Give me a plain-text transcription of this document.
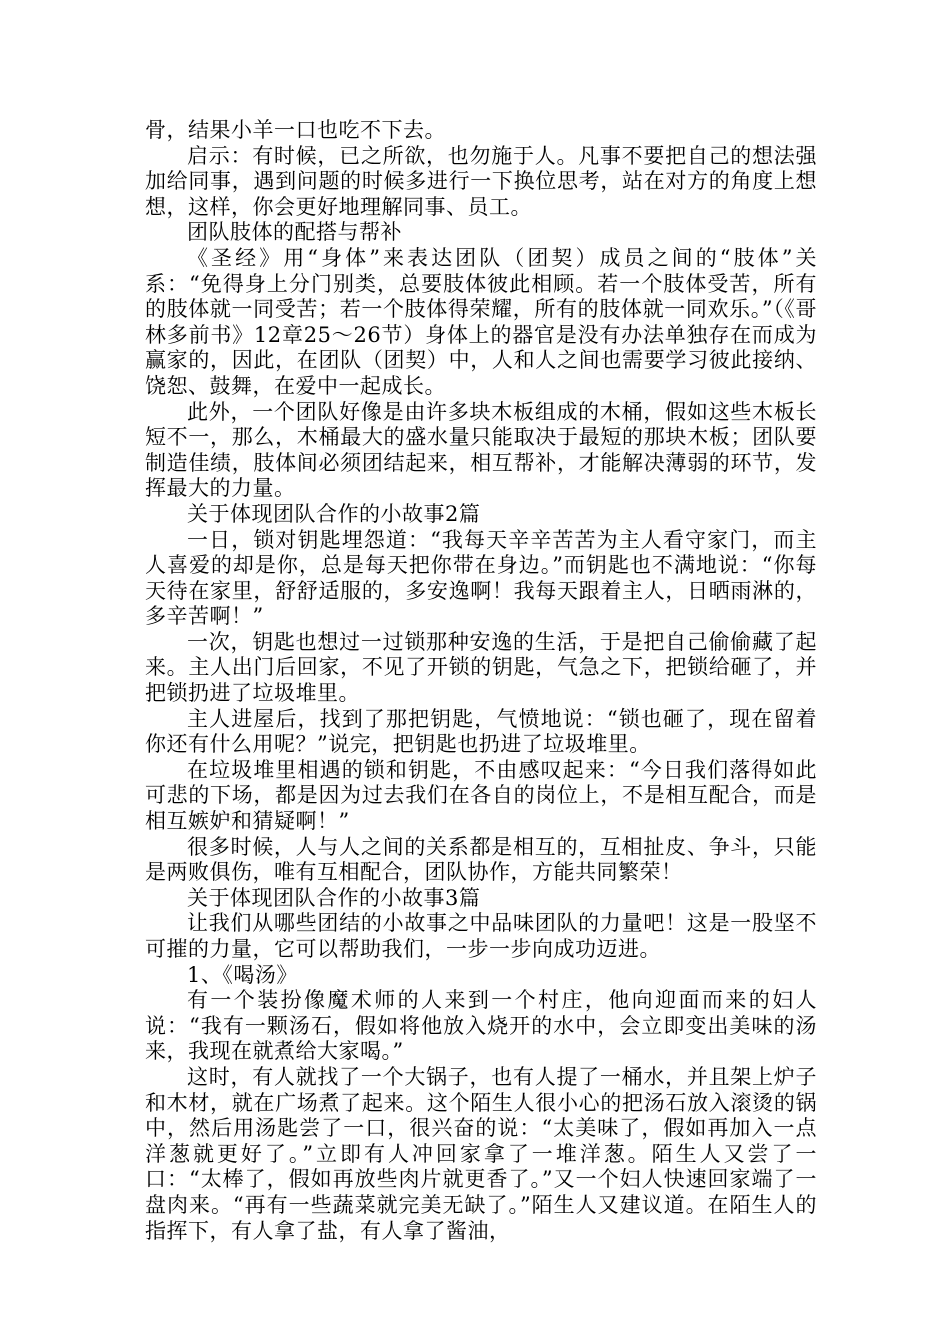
骨，结果小羊一口也吃不下去。

启示：有时候，已之所欲，也勿施于人。凡事不要把自己的想法强加给同事，遇到问题的时候多进行一下换位思考，站在对方的角度上想想，这样，你会更好地理解同事、员工。

团队肢体的配搭与帮补

《圣经》用“身体”来表达团队（团契）成员之间的“肢体”关系：“免得身上分门别类，总要肢体彼此相顾。若一个肢体受苦，所有的肢体就一同受苦；若一个肢体得荣耀，所有的肢体就一同欢乐。”（《哥林多前书》12章25～26节）身体上的器官是没有办法单独存在而成为赢家的，因此，在团队（团契）中，人和人之间也需要学习彼此接纳、饶恕、鼓舞，在爱中一起成长。

此外，一个团队好像是由许多块木板组成的木桶，假如这些木板长短不一，那么，木桶最大的盛水量只能取决于最短的那块木板；团队要制造佳绩，肢体间必须团结起来，相互帮补，才能解决薄弱的环节，发挥最大的力量。

关于体现团队合作的小故事2篇

一日，锁对钥匙埋怨道：“我每天辛辛苦苦为主人看守家门，而主人喜爱的却是你，总是每天把你带在身边。”而钥匙也不满地说：“你每天待在家里，舒舒适服的，多安逸啊！我每天跟着主人，日晒雨淋的，多辛苦啊！”

一次，钥匙也想过一过锁那种安逸的生活，于是把自己偷偷藏了起来。主人出门后回家，不见了开锁的钥匙，气急之下，把锁给砸了，并把锁扔进了垃圾堆里。

主人进屋后，找到了那把钥匙，气愤地说：“锁也砸了，现在留着你还有什么用呢？”说完，把钥匙也扔进了垃圾堆里。

在垃圾堆里相遇的锁和钥匙，不由感叹起来：“今日我们落得如此可悲的下场，都是因为过去我们在各自的岗位上，不是相互配合，而是相互嫉妒和猜疑啊！”

很多时候，人与人之间的关系都是相互的，互相扯皮、争斗，只能是两败俱伤，唯有互相配合，团队协作，方能共同繁荣！

关于体现团队合作的小故事3篇

让我们从哪些团结的小故事之中品味团队的力量吧！这是一股坚不可摧的力量，它可以帮助我们，一步一步向成功迈进。

1、《喝汤》

有一个装扮像魔术师的人来到一个村庄，他向迎面而来的妇人说：“我有一颗汤石，假如将他放入烧开的水中，会立即变出美味的汤来，我现在就煮给大家喝。”

这时，有人就找了一个大锅子，也有人提了一桶水，并且架上炉子和木材，就在广场煮了起来。这个陌生人很小心的把汤石放入滚烫的锅中，然后用汤匙尝了一口，很兴奋的说：“太美味了，假如再加入一点洋葱就更好了。”立即有人冲回家拿了一堆洋葱。陌生人又尝了一口：“太棒了，假如再放些肉片就更香了。”又一个妇人快速回家端了一盘肉来。“再有一些蔬菜就完美无缺了。”陌生人又建议道。在陌生人的指挥下，有人拿了盐，有人拿了酱油，
